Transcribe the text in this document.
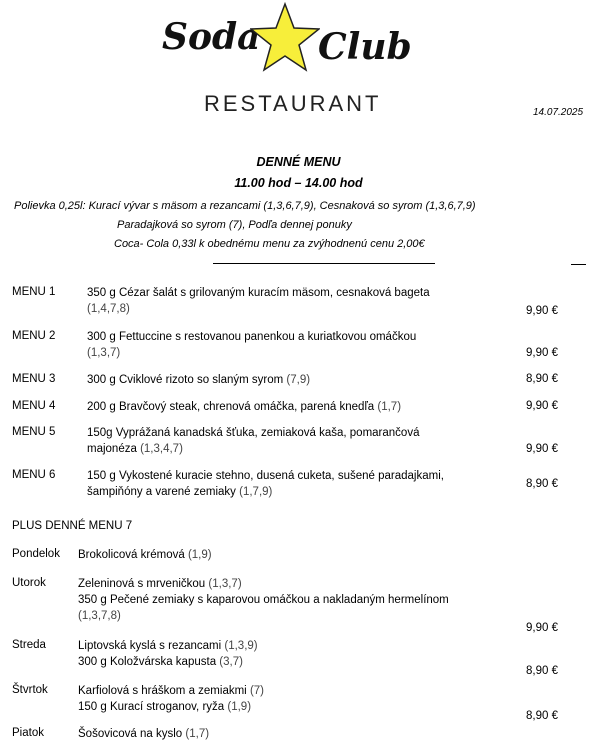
Soda Club
RESTAURANT	14.07.2025
DENNÉ MENU
11.00 hod – 14.00 hod
Polievka 0,25l: Kurací vývar s mäsom a rezancami (1,3,6,7,9), Cesnaková so syrom (1,3,6,7,9)
Paradajková so syrom (7), Podľa dennej ponuky
Coca- Cola 0,33l k obednému menu za zvýhodnenú cenu 2,00€
MENU 1	350 g Cézar šalát s grilovaným kuracím mäsom, cesnaková bageta
(1,4,7,8)	9,90 €
MENU 2	300 g Fettuccine s restovanou panenkou a kuriatkovou omáčkou
(1,3,7)	9,90 €
MENU 3	300 g Cviklové rizoto so slaným syrom (7,9)	8,90 €
MENU 4	200 g Bravčový steak, chrenová omáčka, parená knedľa (1,7)	9,90 €
MENU 5	150g Vyprážaná kanadská šťuka, zemiaková kaša, pomarančová
majonéza (1,3,4,7)	9,90 €
MENU 6	150 g Vykostené kuracie stehno, dusená cuketa, sušené paradajkami,
šampiňóny a varené zemiaky (1,7,9)
8,90 €
PLUS DENNÉ MENU 7
Pondelok Brokolicová krémová (1,9)
Utorok	Zeleninová s mrveničkou (1,3,7)
350 g Pečené zemiaky s kaparovou omáčkou a nakladaným hermelínom
(1,3,7,8)
9,90 €
Streda	Liptovská kyslá s rezancami (1,3,9)
300 g Koložvárska kapusta (3,7)
8,90 €
Štvrtok	Karfiolová s hráškom a zemiakmi (7)
150 g Kurací stroganov, ryža (1,9)
8,90 €
Piatok	Šošovicová na kyslo (1,7)
